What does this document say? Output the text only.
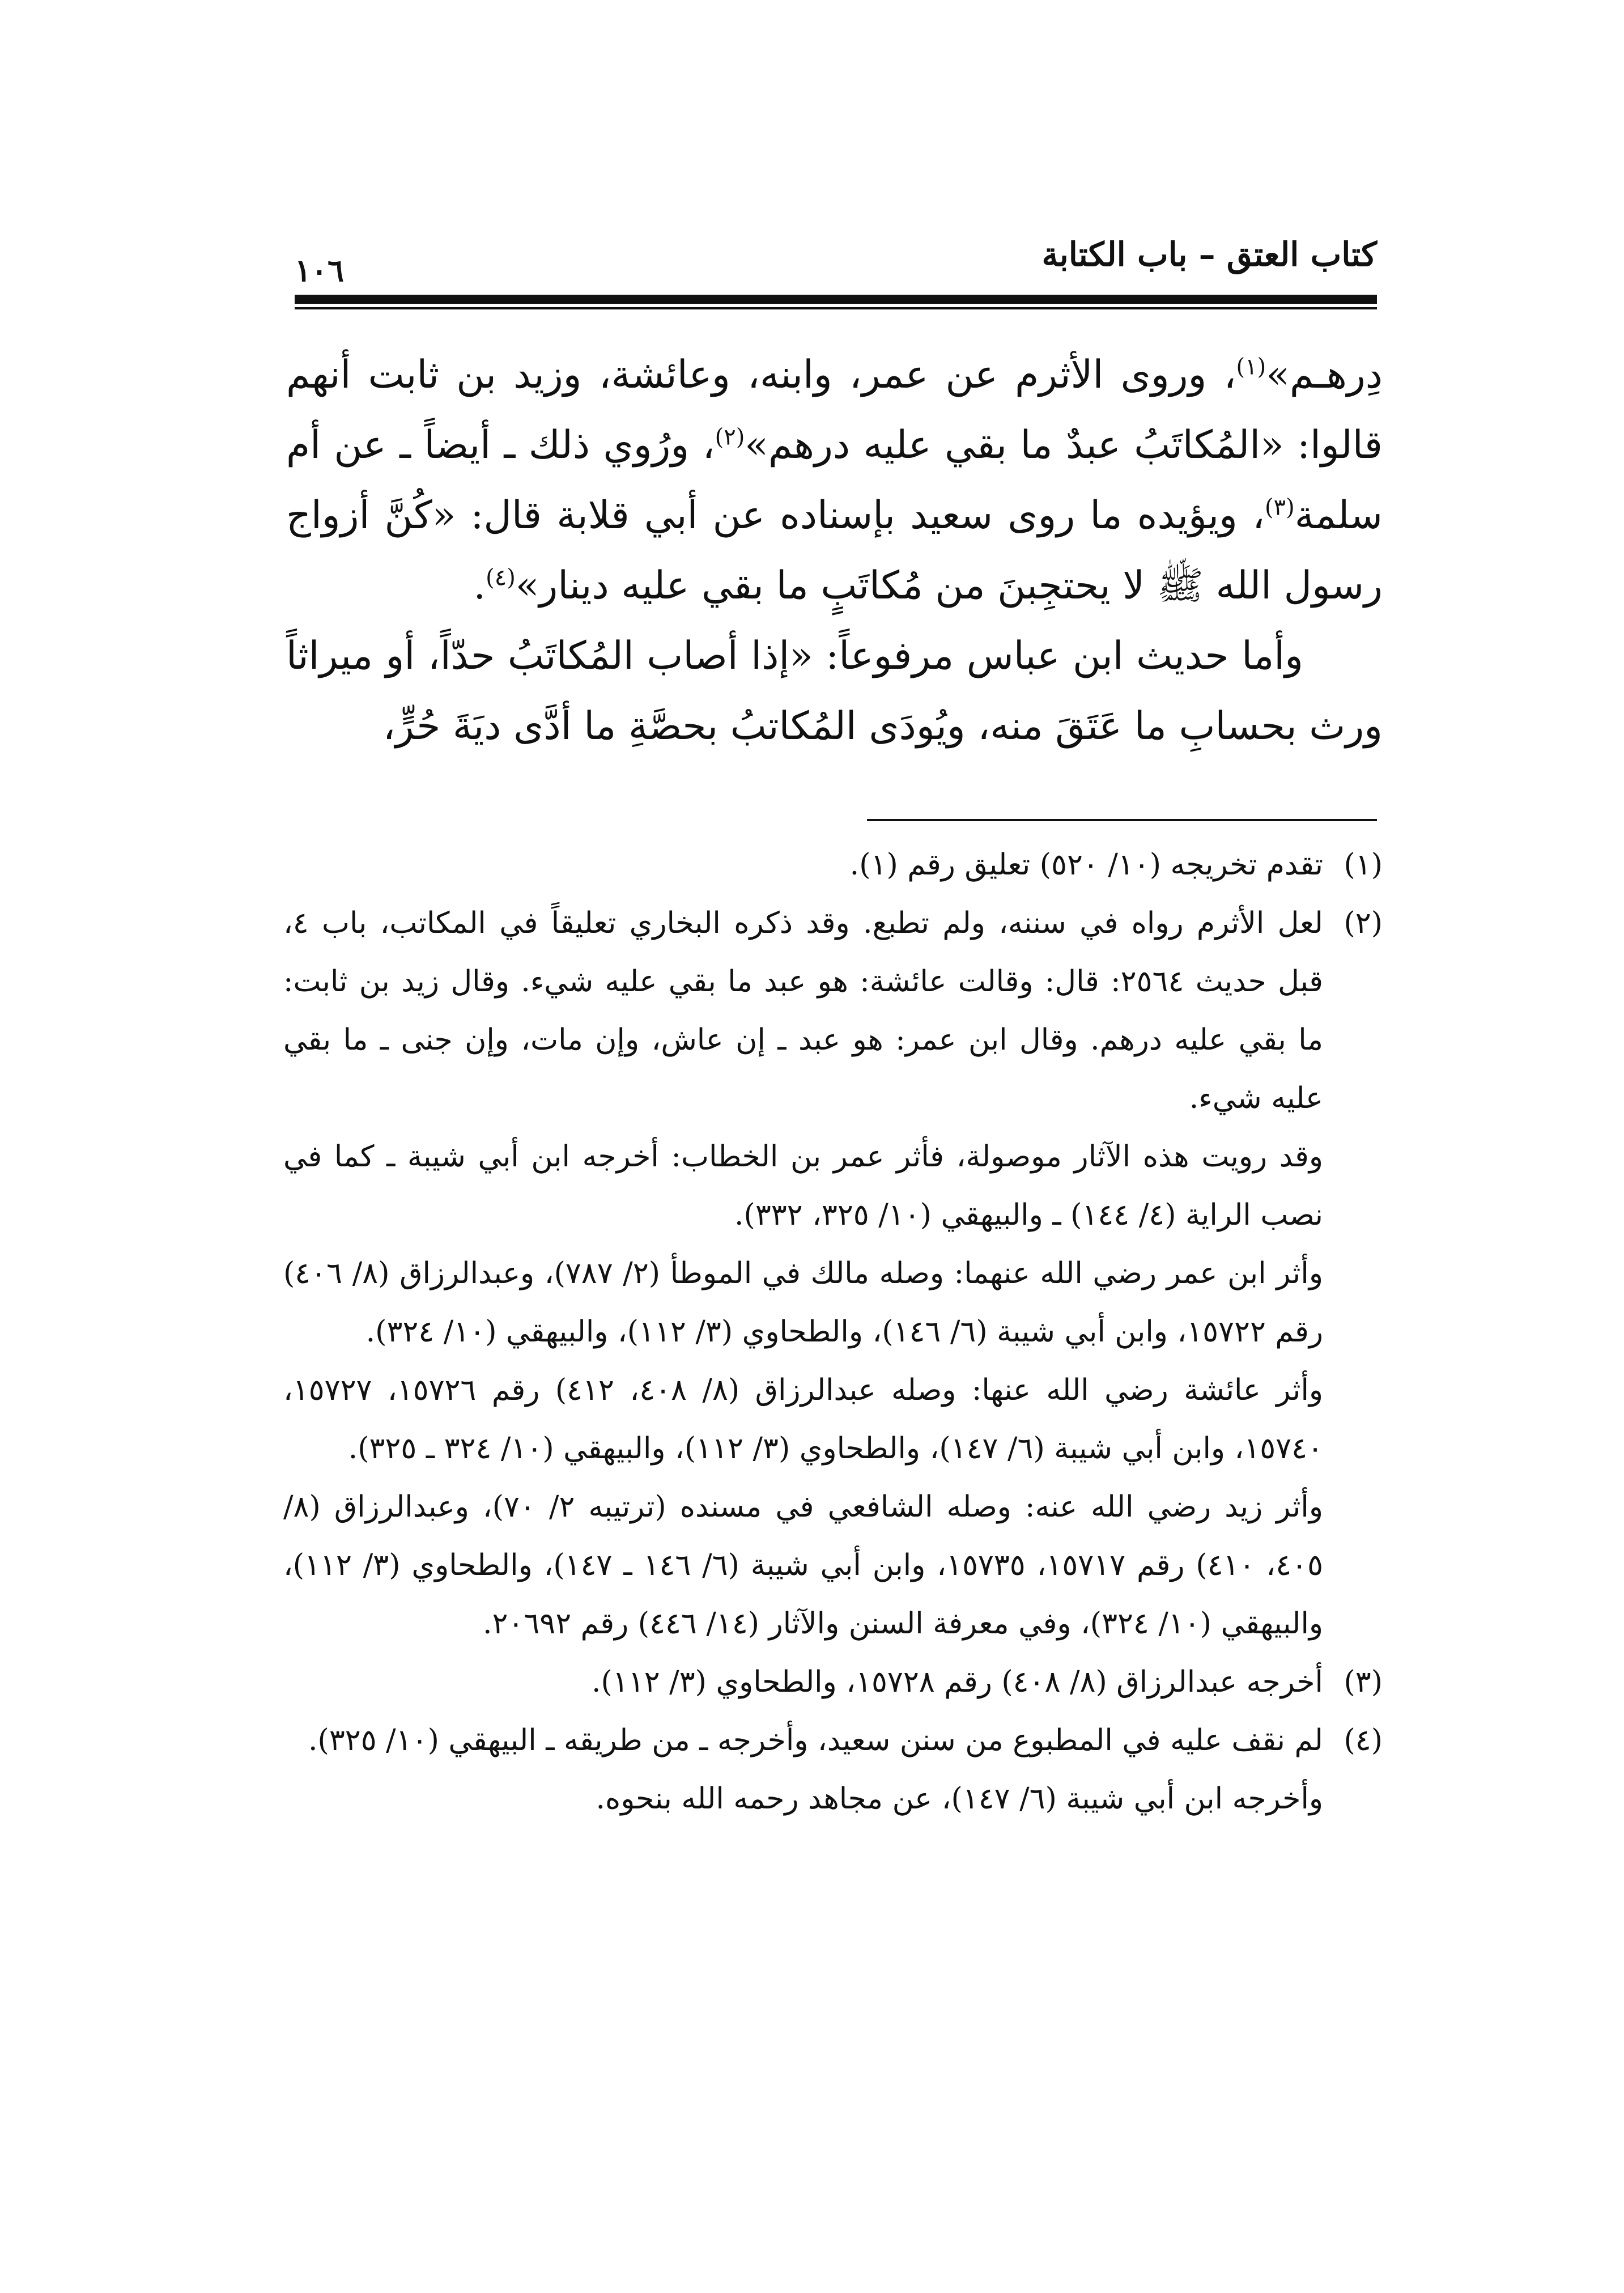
كتاب العتق – باب الكتابة
١٠٦

دِرهـم»$^{(١)}$، وروى الأثرم عن عمر، وابنه، وعائشة، وزيد بن ثابت أنهم قالوا: «المُكاتَبُ عبدٌ ما بقي عليه درهم»$^{(٢)}$، ورُوي ذلك ـ أيضاً ـ عن أم سلمة$^{(٣)}$، ويؤيده ما روى سعيد بإسناده عن أبي قلابة قال: «كُنَّ أزواج رسول الله ﷺ لا يحتجِبنَ من مُكاتَبٍ ما بقي عليه دينار»$^{(٤)}$.

وأما حديث ابن عباس مرفوعاً: «إذا أصاب المُكاتَبُ حدّاً، أو ميراثاً ورث بحسابِ ما عَتَقَ منه، ويُودَى المُكاتبُ بحصَّةِ ما أدَّى ديَةَ حُرٍّ،

(١)

تقدم تخريجه (١٠/ ٥٢٠) تعليق رقم (١).

(٢)

لعل الأثرم رواه في سننه، ولم تطبع. وقد ذكره البخاري تعليقاً في المكاتب، باب ٤، قبل حديث ٢٥٦٤: قال: وقالت عائشة: هو عبد ما بقي عليه شيء. وقال زيد بن ثابت: ما بقي عليه درهم. وقال ابن عمر: هو عبد ـ إن عاش، وإن مات، وإن جنى ـ ما بقي عليه شيء.

وقد رويت هذه الآثار موصولة، فأثر عمر بن الخطاب: أخرجه ابن أبي شيبة ـ كما في نصب الراية (٤/ ١٤٤) ـ والبيهقي (١٠/ ٣٢٥، ٣٣٢).

وأثر ابن عمر رضي الله عنهما: وصله مالك في الموطأ (٢/ ٧٨٧)، وعبدالرزاق (٨/ ٤٠٦) رقم ١٥٧٢٢، وابن أبي شيبة (٦/ ١٤٦)، والطحاوي (٣/ ١١٢)، والبيهقي (١٠/ ٣٢٤).

وأثر عائشة رضي الله عنها: وصله عبدالرزاق (٨/ ٤٠٨، ٤١٢) رقم ١٥٧٢٦، ١٥٧٢٧، ١٥٧٤٠، وابن أبي شيبة (٦/ ١٤٧)، والطحاوي (٣/ ١١٢)، والبيهقي (١٠/ ٣٢٤ ـ ٣٢٥).

وأثر زيد رضي الله عنه: وصله الشافعي في مسنده (ترتيبه ٢/ ٧٠)، وعبدالرزاق (٨/ ٤٠٥، ٤١٠) رقم ١٥٧١٧، ١٥٧٣٥، وابن أبي شيبة (٦/ ١٤٦ ـ ١٤٧)، والطحاوي (٣/ ١١٢)، والبيهقي (١٠/ ٣٢٤)، وفي معرفة السنن والآثار (١٤/ ٤٤٦) رقم ٢٠٦٩٢.

(٣)

أخرجه عبدالرزاق (٨/ ٤٠٨) رقم ١٥٧٢٨، والطحاوي (٣/ ١١٢).

(٤)

لم نقف عليه في المطبوع من سنن سعيد، وأخرجه ـ من طريقه ـ البيهقي (١٠/ ٣٢٥).

وأخرجه ابن أبي شيبة (٦/ ١٤٧)، عن مجاهد رحمه الله بنحوه.
